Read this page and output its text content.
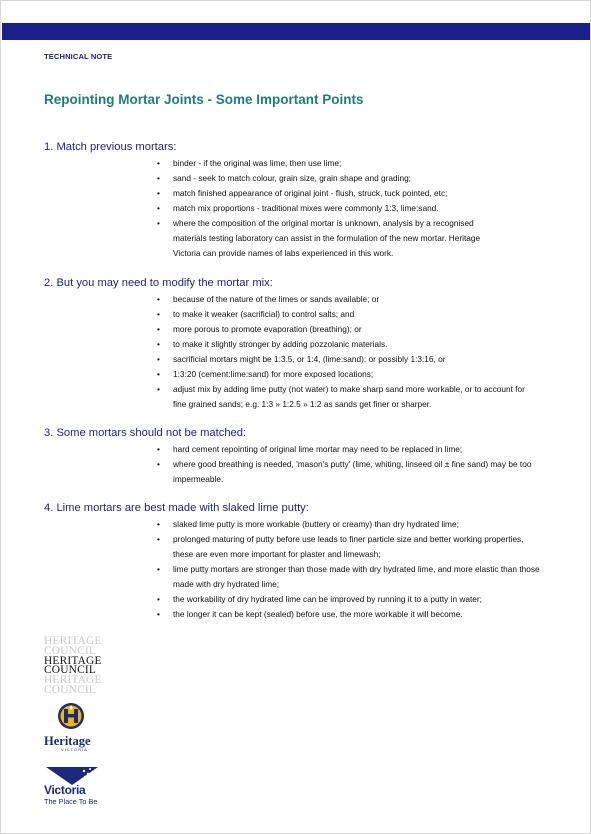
TECHNICAL NOTE
Repointing Mortar Joints - Some Important Points
1. Match previous mortars:
• binder - if the original was lime, then use lime;
• sand - seek to match colour, grain size, grain shape and grading;
• match finished appearance of original joint - flush, struck, tuck pointed, etc;
• match mix proportions - traditional mixes were commonly 1:3, lime:sand.
• where the composition of the original mortar is unknown, analysis by a recognised materials testing laboratory can assist in the formulation of the new mortar. Heritage Victoria can provide names of labs experienced in this work.
2. But you may need to modify the mortar mix:
• because of the nature of the limes or sands available; or
• to make it weaker (sacrificial) to control salts; and
• more porous to promote evaporation (breathing); or
• to make it slightly stronger by adding pozzolanic materials.
• sacrificial mortars might be 1:3.5, or 1:4, (lime:sand); or possibly 1:3:16, or
• 1:3:20 (cement:lime:sand) for more exposed locations;
• adjust mix by adding lime putty (not water) to make sharp sand more workable, or to account for fine grained sands; e.g. 1:3 » 1:2.5 » 1:2 as sands get finer or sharper.
3. Some mortars should not be matched:
• hard cement repointing of original lime mortar may need to be replaced in lime;
• where good breathing is needed, 'mason's putty' (lime, whiting, linseed oil ± fine sand) may be too impermeable.
4. Lime mortars are best made with slaked lime putty:
• slaked lime putty is more workable (buttery or creamy) than dry hydrated lime;
• prolonged maturing of putty before use leads to finer particle size and better working properties, these are even more important for plaster and limewash;
• lime putty mortars are stronger than those made with dry hydrated lime, and more elastic than those made with dry hydrated lime;
• the workability of dry hydrated lime can be improved by running it to a putty in water;
• the longer it can be kept (sealed) before use, the more workable it will become.
HERITAGE
COUNCIL
HERITAGE
COUNCIL
HERITAGE
COUNCIL
Heritage
VICTORIA
Victoria
The Place To Be
